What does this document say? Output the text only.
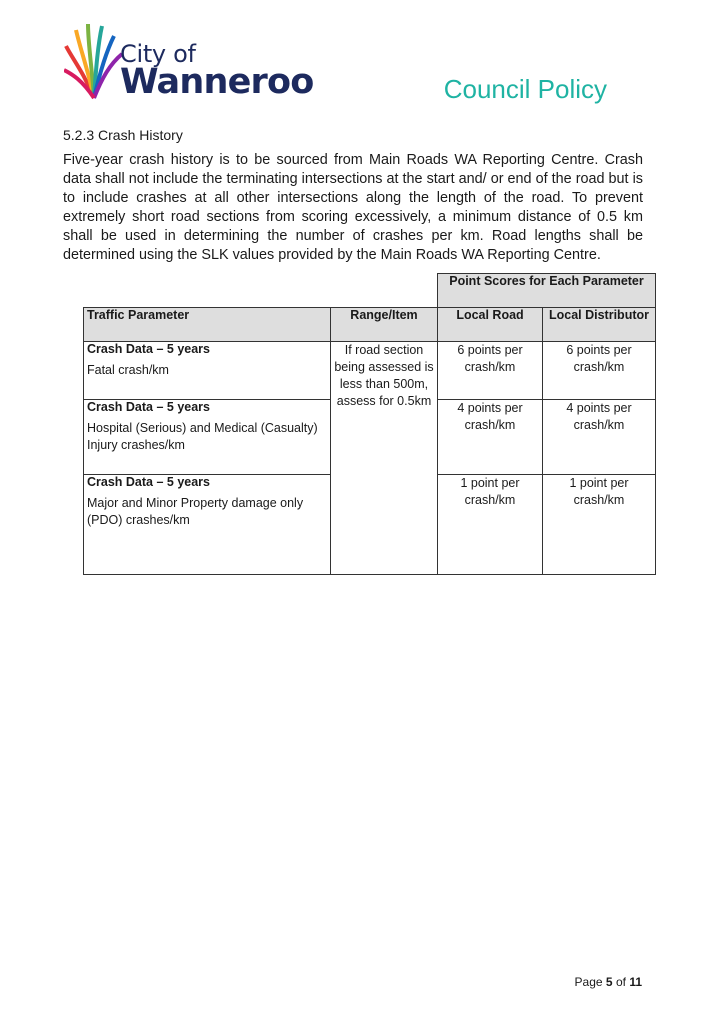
City of
Wanneroo	Council Policy
5.2.3 Crash History

Five-year crash history is to be sourced from Main Roads WA Reporting Centre. Crash data shall not include the terminating intersections at the start and/ or end of the road but is to include crashes at all other intersections along the length of the road. To prevent extremely short road sections from scoring excessively, a minimum distance of 0.5 km shall be used in determining the number of crashes per km. Road lengths shall be determined using the SLK values provided by the Main Roads WA Reporting Centre.

		Point Scores for Each Parameter	
Traffic Parameter	Range/Item	Local Road	Local Distributor

Crash Data – 5 years
Fatal crash/km	If road section being assessed is less than 500m, assess for 0.5km	6 points per crash/km	6 points per crash/km

Crash Data – 5 years
Hospital (Serious) and Medical (Casualty) Injury crashes/km		4 points per crash/km	4 points per crash/km

Crash Data – 5 years
Major and Minor Property damage only (PDO) crashes/km		1 point per crash/km	1 point per crash/km
Page 5 of 11
